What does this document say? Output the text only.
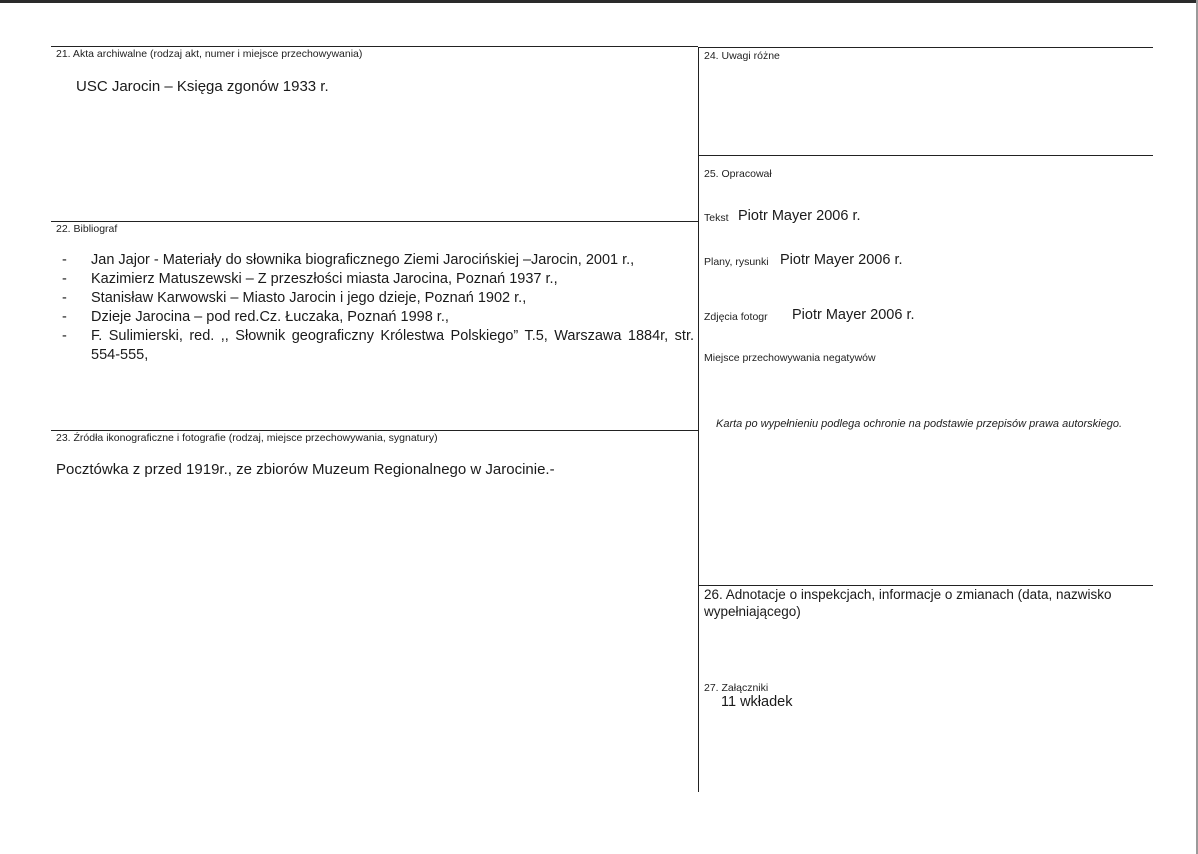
21. Akta archiwalne (rodzaj akt, numer i miejsce przechowywania)
USC Jarocin – Księga zgonów 1933 r.
22. Bibliograf
- Jan Jajor - Materiały do słownika biograficznego Ziemi Jarocińskiej –Jarocin, 2001 r.,
- Kazimierz Matuszewski – Z przeszłości miasta Jarocina, Poznań 1937 r.,
- Stanisław Karwowski – Miasto Jarocin i jego dzieje, Poznań 1902 r.,
- Dzieje Jarocina – pod red.Cz. Łuczaka, Poznań 1998 r.,
- F. Sulimierski, red. ,, Słownik geograficzny Królestwa Polskiego” T.5, Warszawa 1884r, str. 554-555,
23. Źródła ikonograficzne i fotografie (rodzaj, miejsce przechowywania, sygnatury)
Pocztówka z przed 1919r., ze zbiorów Muzeum Regionalnego w Jarocinie.-
24. Uwagi różne
25. Opracował
Tekst Piotr Mayer 2006 r.
Plany, rysunki Piotr Mayer 2006 r.
Zdjęcia fotogr Piotr Mayer 2006 r.
Miejsce przechowywania negatywów
Karta po wypełnieniu podlega ochronie na podstawie przepisów prawa autorskiego.
26. Adnotacje o inspekcjach, informacje o zmianach (data, nazwisko wypełniającego)
27. Załączniki
11 wkładek
